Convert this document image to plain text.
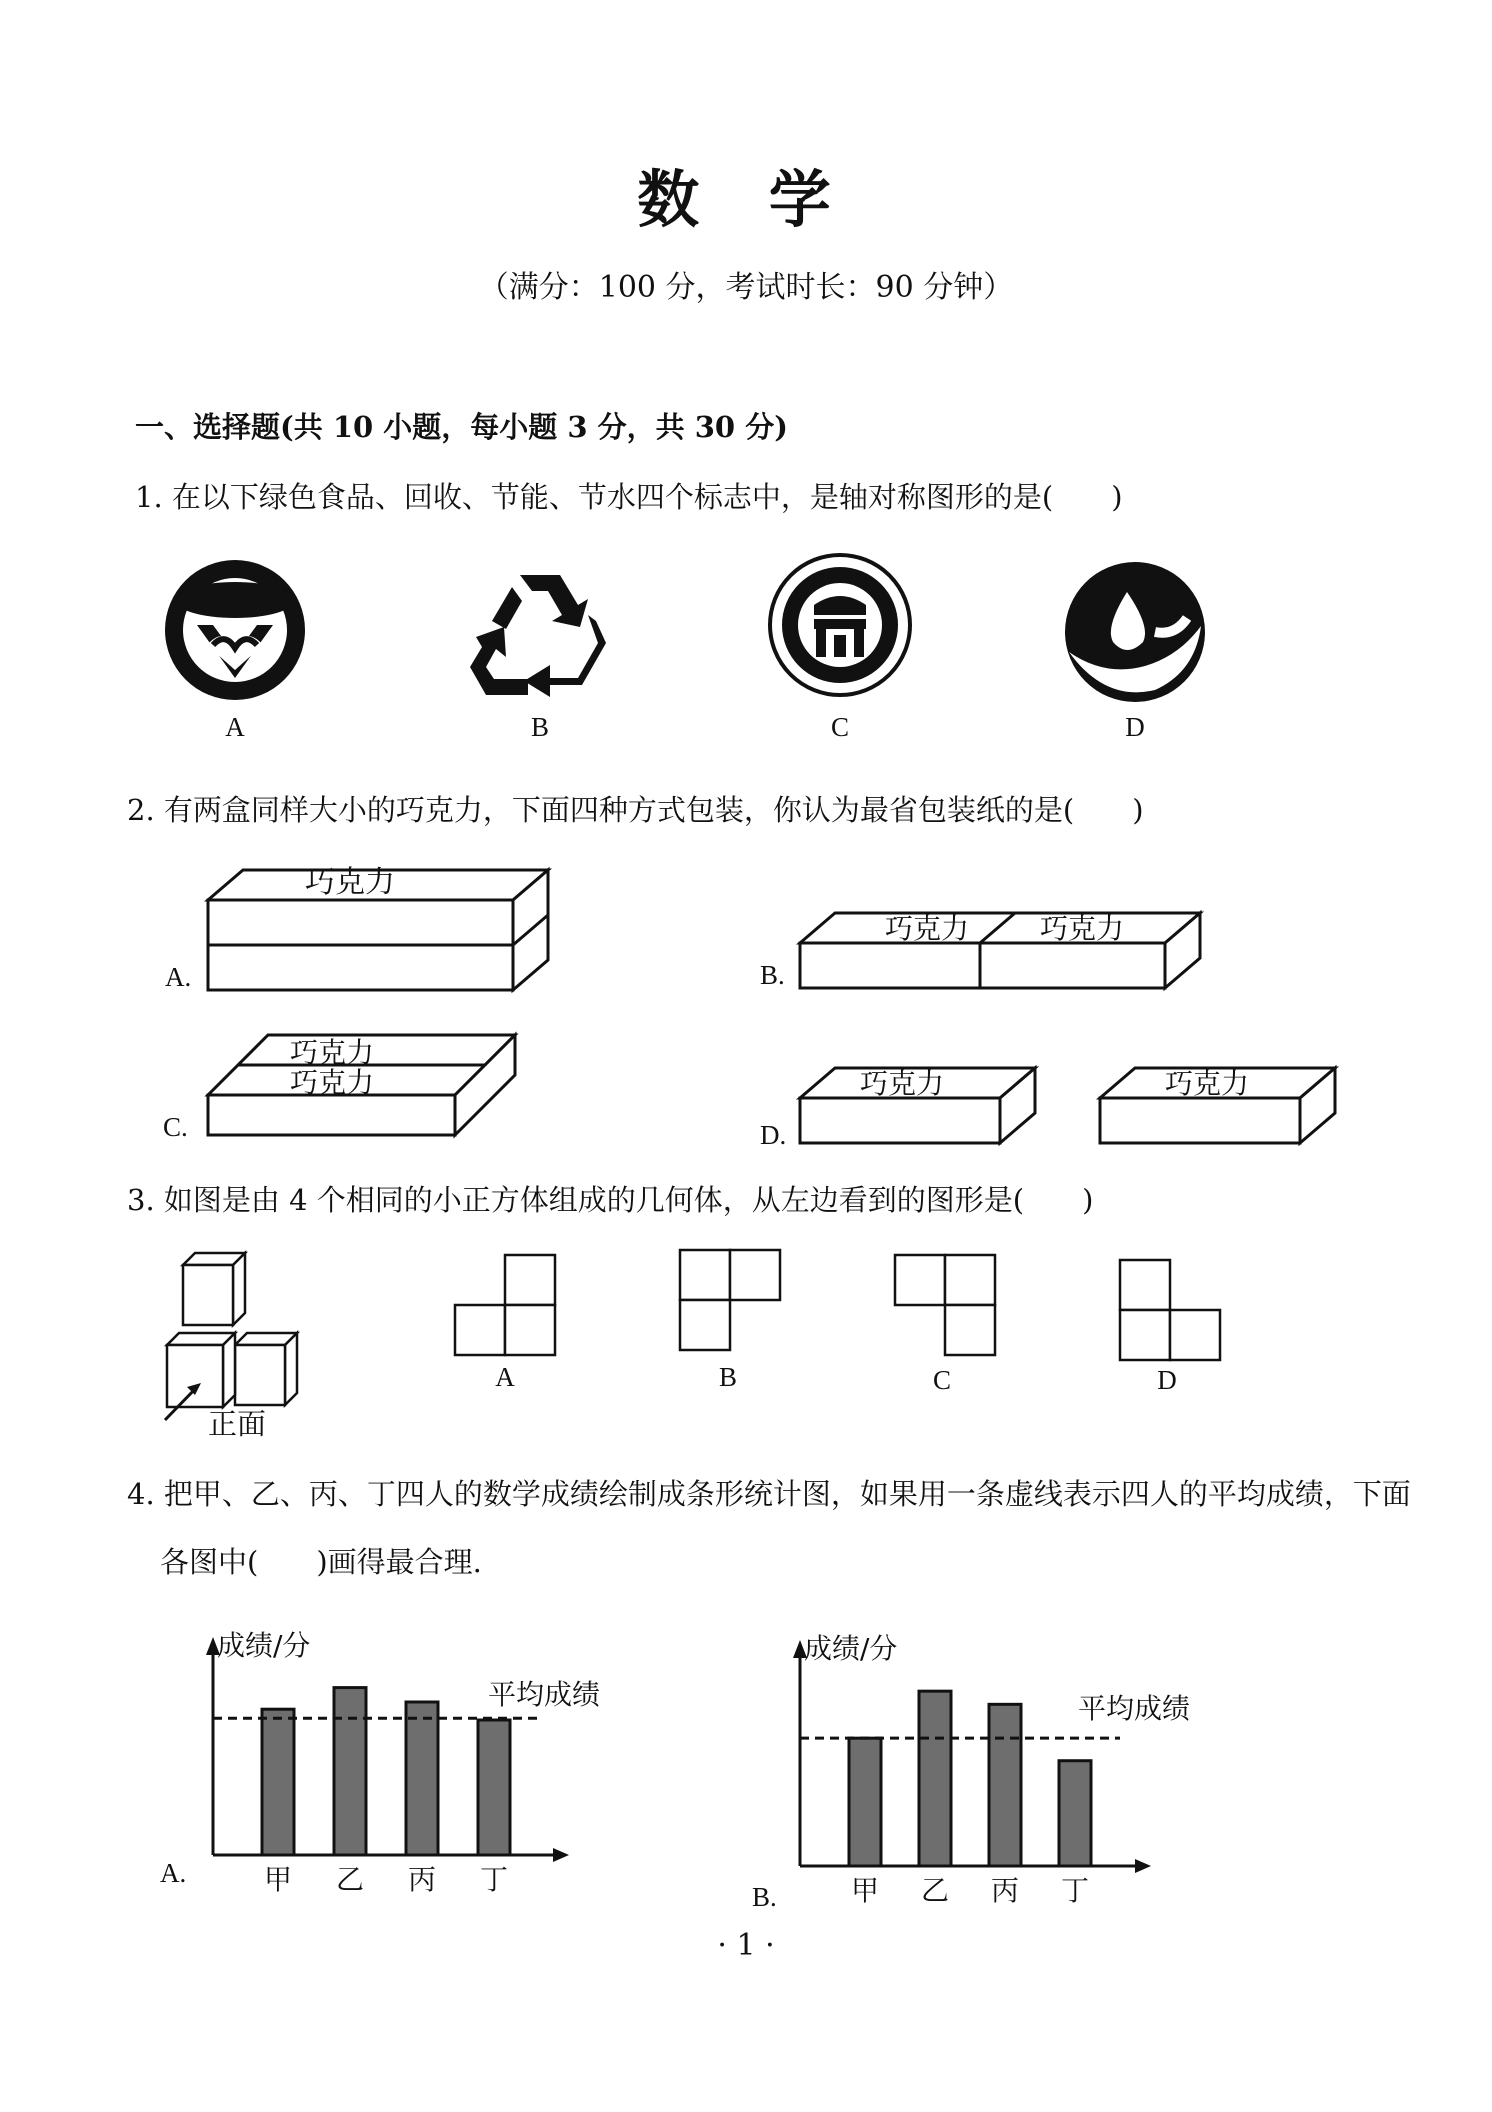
数 学
（满分：100 分，考试时长：90 分钟）
一、选择题(共 10 小题，每小题 3 分，共 30 分)
1. 在以下绿色食品、回收、节能、节水四个标志中，是轴对称图形的是(　　)
A	B	C	D
2. 有两盒同样大小的巧克力，下面四种方式包装，你认为最省包装纸的是(　　)
巧克力
A.
巧克力	巧克力
B.
巧克力
巧克力
C.
巧克力	巧克力
D.
3. 如图是由 4 个相同的小正方体组成的几何体，从左边看到的图形是(　　)
正面
A	B	C	D
4. 把甲、乙、丙、丁四人的数学成绩绘制成条形统计图，如果用一条虚线表示四人的平均成绩，下面
各图中(　　)画得最合理.
成绩/分
甲 乙 丙 丁
平均成绩
A.
成绩/分
甲 乙 丙 丁
平均成绩
B.
· 1 ·
